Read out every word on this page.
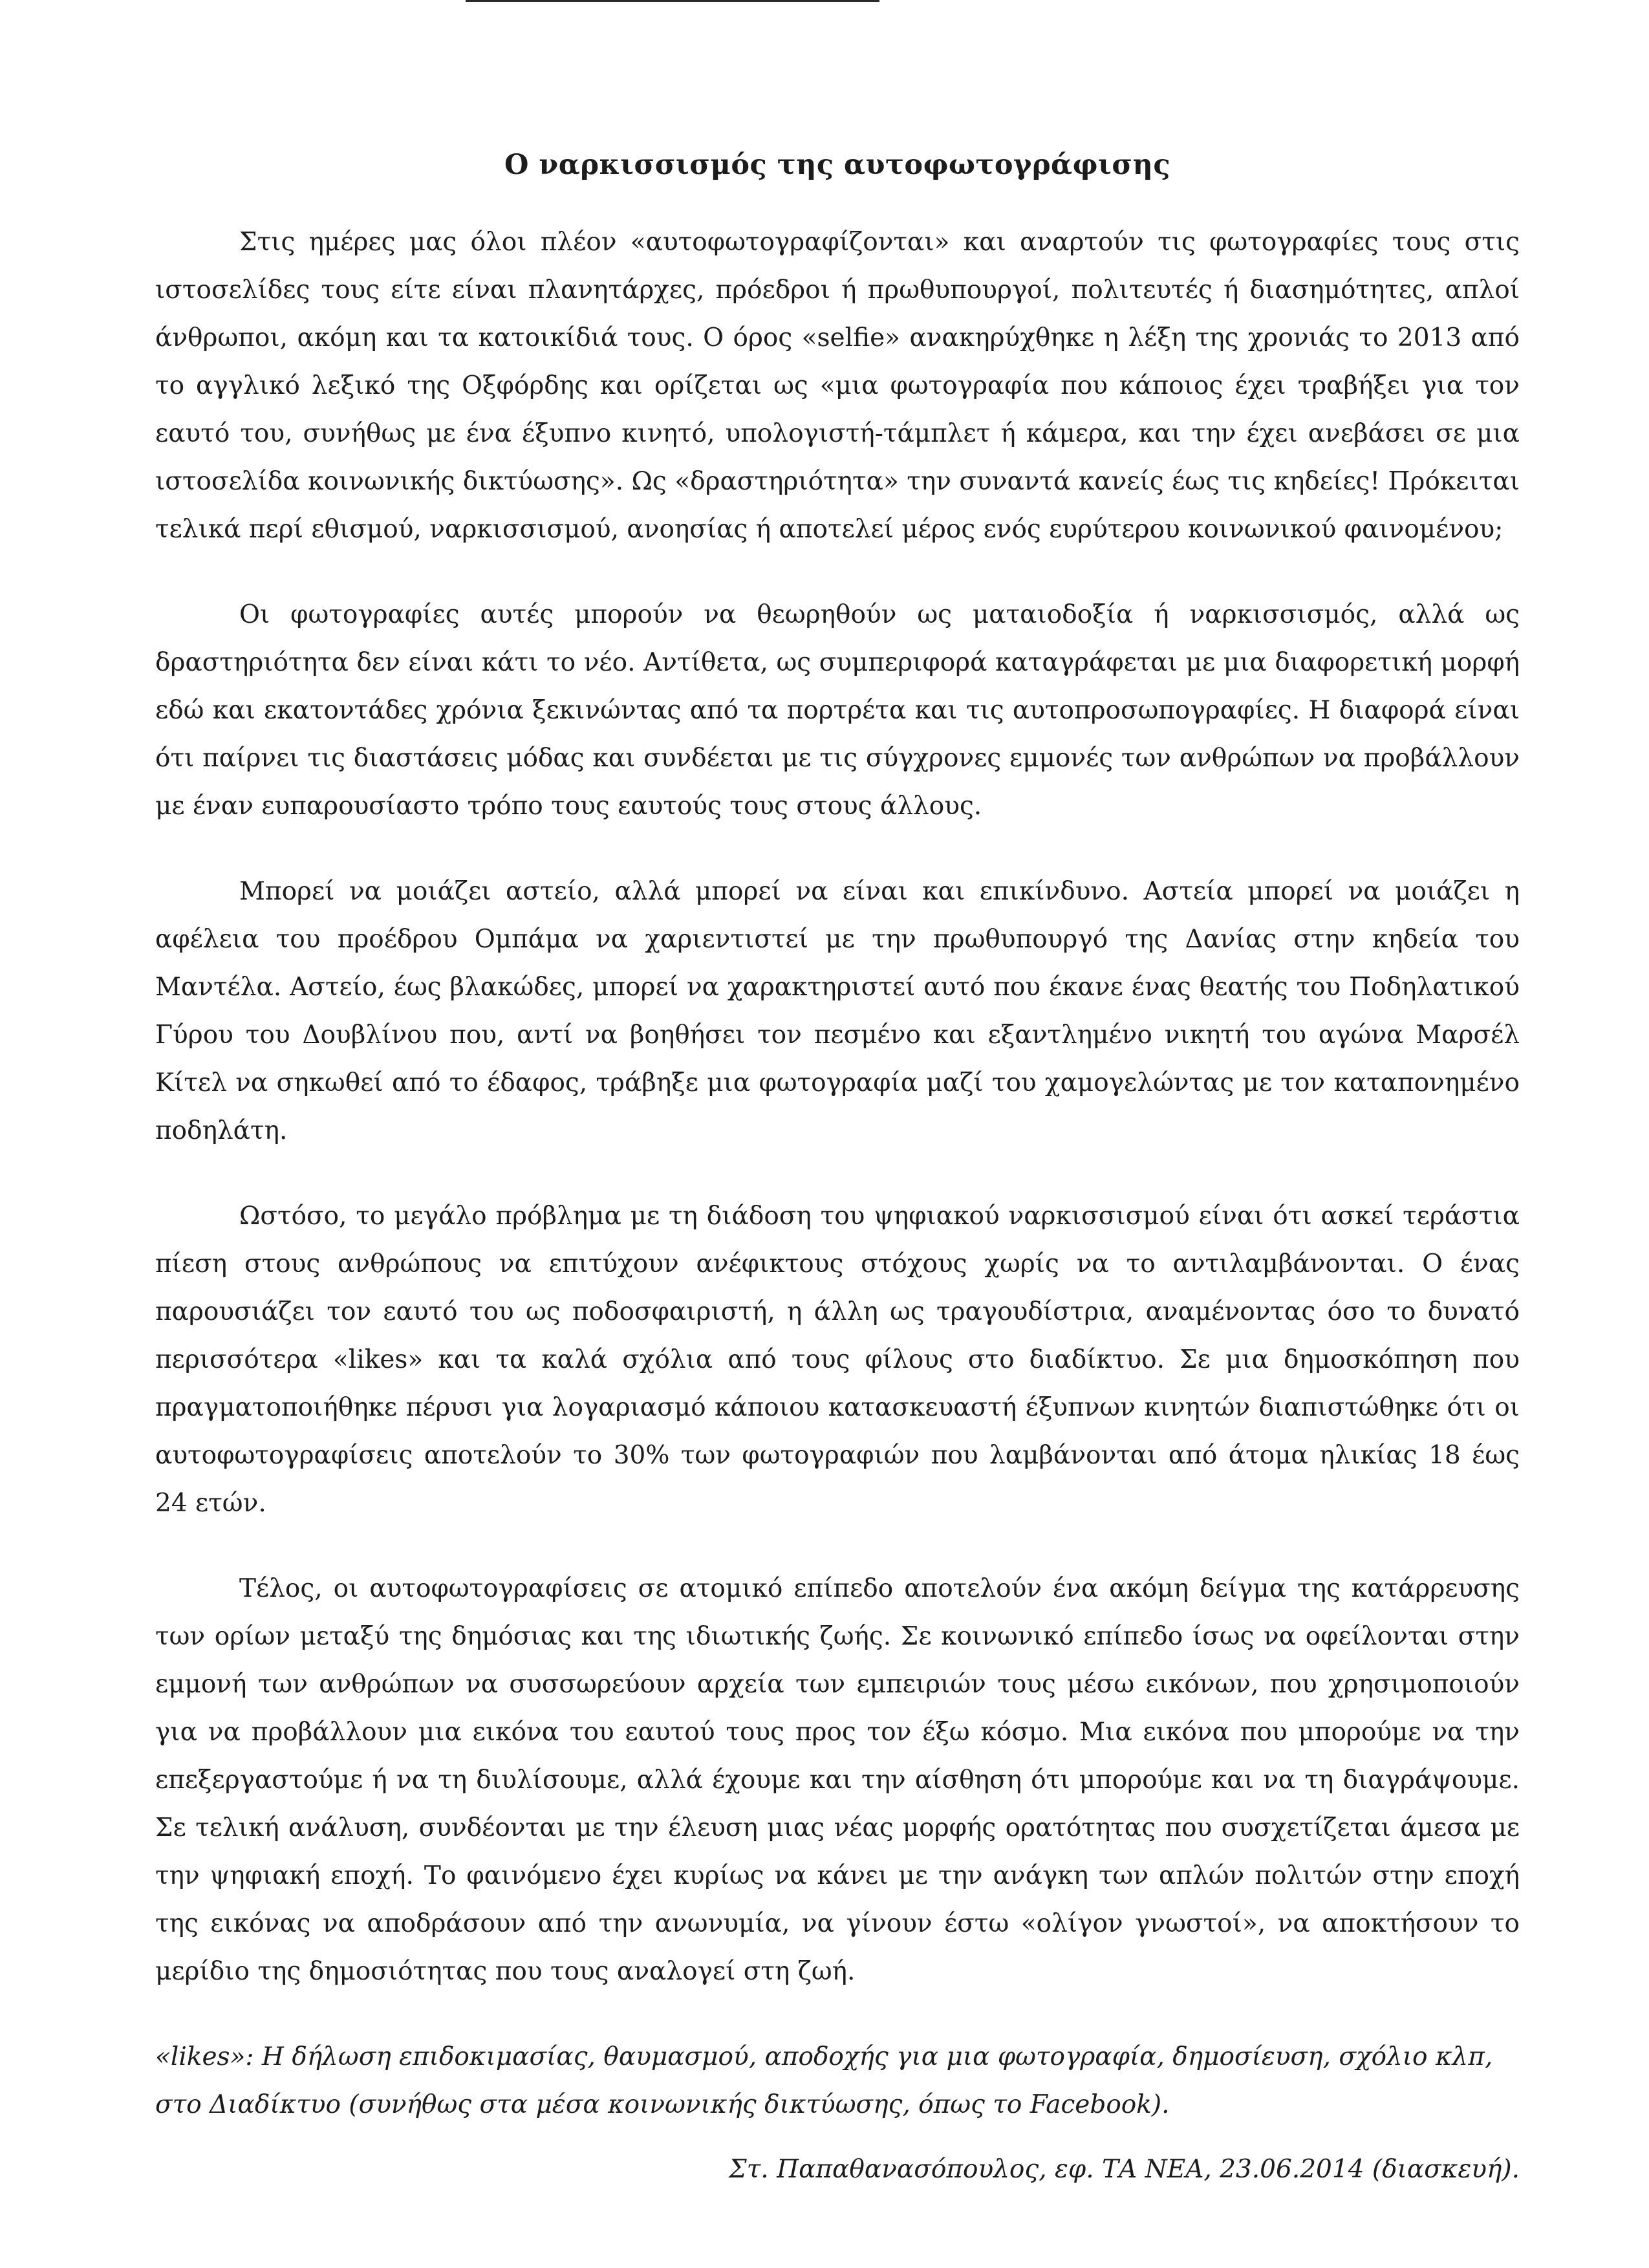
Ο ναρκισσισμός της αυτοφωτογράφισης

Στις ημέρες μας όλοι πλέον «αυτοφωτογραφίζονται» και αναρτούν τις φωτογραφίες τους στις ιστοσελίδες τους είτε είναι πλανητάρχες, πρόεδροι ή πρωθυπουργοί, πολιτευτές ή διασημότητες, απλοί άνθρωποι, ακόμη και τα κατοικίδιά τους. Ο όρος «selfie» ανακηρύχθηκε η λέξη της χρονιάς το 2013 από το αγγλικό λεξικό της Οξφόρδης και ορίζεται ως «μια φωτογραφία που κάποιος έχει τραβήξει για τον εαυτό του, συνήθως με ένα έξυπνο κινητό, υπολογιστή-τάμπλετ ή κάμερα, και την έχει ανεβάσει σε μια ιστοσελίδα κοινωνικής δικτύωσης». Ως «δραστηριότητα» την συναντά κανείς έως τις κηδείες! Πρόκειται τελικά περί εθισμού, ναρκισσισμού, ανοησίας ή αποτελεί μέρος ενός ευρύτερου κοινωνικού φαινομένου;

Οι φωτογραφίες αυτές μπορούν να θεωρηθούν ως ματαιοδοξία ή ναρκισσισμός, αλλά ως δραστηριότητα δεν είναι κάτι το νέο. Αντίθετα, ως συμπεριφορά καταγράφεται με μια διαφορετική μορφή εδώ και εκατοντάδες χρόνια ξεκινώντας από τα πορτρέτα και τις αυτοπροσωπογραφίες. Η διαφορά είναι ότι παίρνει τις διαστάσεις μόδας και συνδέεται με τις σύγχρονες εμμονές των ανθρώπων να προβάλλουν με έναν ευπαρουσίαστο τρόπο τους εαυτούς τους στους άλλους.

Μπορεί να μοιάζει αστείο, αλλά μπορεί να είναι και επικίνδυνο. Αστεία μπορεί να μοιάζει η αφέλεια του προέδρου Ομπάμα να χαριεντιστεί με την πρωθυπουργό της Δανίας στην κηδεία του Μαντέλα. Αστείο, έως βλακώδες, μπορεί να χαρακτηριστεί αυτό που έκανε ένας θεατής του Ποδηλατικού Γύρου του Δουβλίνου που, αντί να βοηθήσει τον πεσμένο και εξαντλημένο νικητή του αγώνα Μαρσέλ Κίτελ να σηκωθεί από το έδαφος, τράβηξε μια φωτογραφία μαζί του χαμογελώντας με τον καταπονημένο ποδηλάτη.

Ωστόσο, το μεγάλο πρόβλημα με τη διάδοση του ψηφιακού ναρκισσισμού είναι ότι ασκεί τεράστια πίεση στους ανθρώπους να επιτύχουν ανέφικτους στόχους χωρίς να το αντιλαμβάνονται. Ο ένας παρουσιάζει τον εαυτό του ως ποδοσφαιριστή, η άλλη ως τραγουδίστρια, αναμένοντας όσο το δυνατό περισσότερα «likes» και τα καλά σχόλια από τους φίλους στο διαδίκτυο. Σε μια δημοσκόπηση που πραγματοποιήθηκε πέρυσι για λογαριασμό κάποιου κατασκευαστή έξυπνων κινητών διαπιστώθηκε ότι οι αυτοφωτογραφίσεις αποτελούν το 30% των φωτογραφιών που λαμβάνονται από άτομα ηλικίας 18 έως 24 ετών.

Τέλος, οι αυτοφωτογραφίσεις σε ατομικό επίπεδο αποτελούν ένα ακόμη δείγμα της κατάρρευσης των ορίων μεταξύ της δημόσιας και της ιδιωτικής ζωής. Σε κοινωνικό επίπεδο ίσως να οφείλονται στην εμμονή των ανθρώπων να συσσωρεύουν αρχεία των εμπειριών τους μέσω εικόνων, που χρησιμοποιούν για να προβάλλουν μια εικόνα του εαυτού τους προς τον έξω κόσμο. Μια εικόνα που μπορούμε να την επεξεργαστούμε ή να τη διυλίσουμε, αλλά έχουμε και την αίσθηση ότι μπορούμε και να τη διαγράψουμε. Σε τελική ανάλυση, συνδέονται με την έλευση μιας νέας μορφής ορατότητας που συσχετίζεται άμεσα με την ψηφιακή εποχή. Το φαινόμενο έχει κυρίως να κάνει με την ανάγκη των απλών πολιτών στην εποχή της εικόνας να αποδράσουν από την ανωνυμία, να γίνουν έστω «ολίγον γνωστοί», να αποκτήσουν το μερίδιο της δημοσιότητας που τους αναλογεί στη ζωή.

«likes»: Η δήλωση επιδοκιμασίας, θαυμασμού, αποδοχής για μια φωτογραφία, δημοσίευση, σχόλιο κλπ, στο Διαδίκτυο (συνήθως στα μέσα κοινωνικής δικτύωσης, όπως το Facebook).
Στ. Παπαθανασόπουλος, εφ. ΤΑ ΝΕΑ, 23.06.2014 (διασκευή).
